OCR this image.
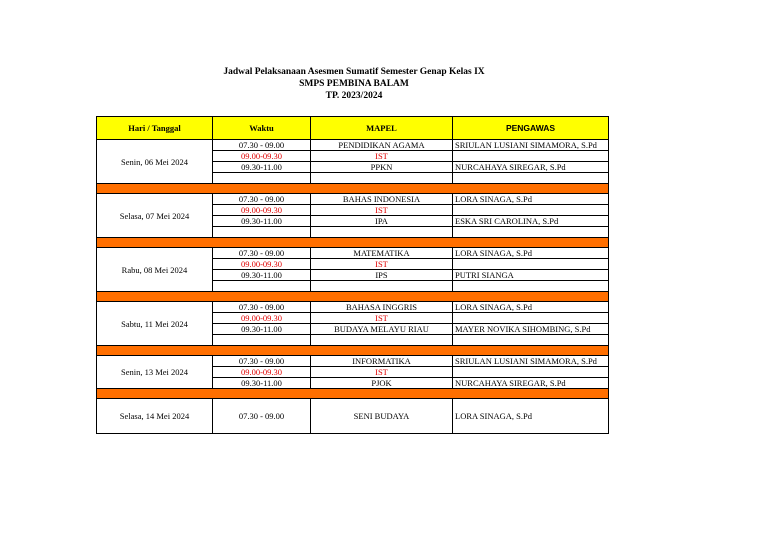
Jadwal Pelaksanaan Asesmen Sumatif Semester Genap Kelas IX
SMPS PEMBINA BALAM
TP. 2023/2024
Hari / Tanggal	Waktu	MAPEL	PENGAWAS
Senin, 06 Mei 2024	07.30 - 09.00	PENDIDIKAN AGAMA	SRIULAN LUSIANI SIMAMORA, S.Pd
	09.00-09.30	IST	
	09.30-11.00	PPKN	NURCAHAYA SIREGAR, S.Pd

Selasa, 07 Mei 2024	07.30 - 09.00	BAHAS INDONESIA	LORA SINAGA, S.Pd
	09.00-09.30	IST	
	09.30-11.00	IPA	ESKA SRI CAROLINA, S.Pd

Rabu, 08 Mei 2024	07.30 - 09.00	MATEMATIKA	LORA SINAGA, S.Pd
	09.00-09.30	IST	
	09.30-11.00	IPS	PUTRI SIANGA

Sabtu, 11 Mei 2024	07.30 - 09.00	BAHASA INGGRIS	LORA SINAGA, S.Pd
	09.00-09.30	IST	
	09.30-11.00	BUDAYA MELAYU RIAU	MAYER NOVIKA SIHOMBING, S.Pd

Senin, 13 Mei 2024	07.30 - 09.00	INFORMATIKA	SRIULAN LUSIANI SIMAMORA, S.Pd
	09.00-09.30	IST	
	09.30-11.00	PJOK	NURCAHAYA SIREGAR, S.Pd

Selasa, 14 Mei 2024	07.30 - 09.00	SENI BUDAYA	LORA SINAGA, S.Pd
